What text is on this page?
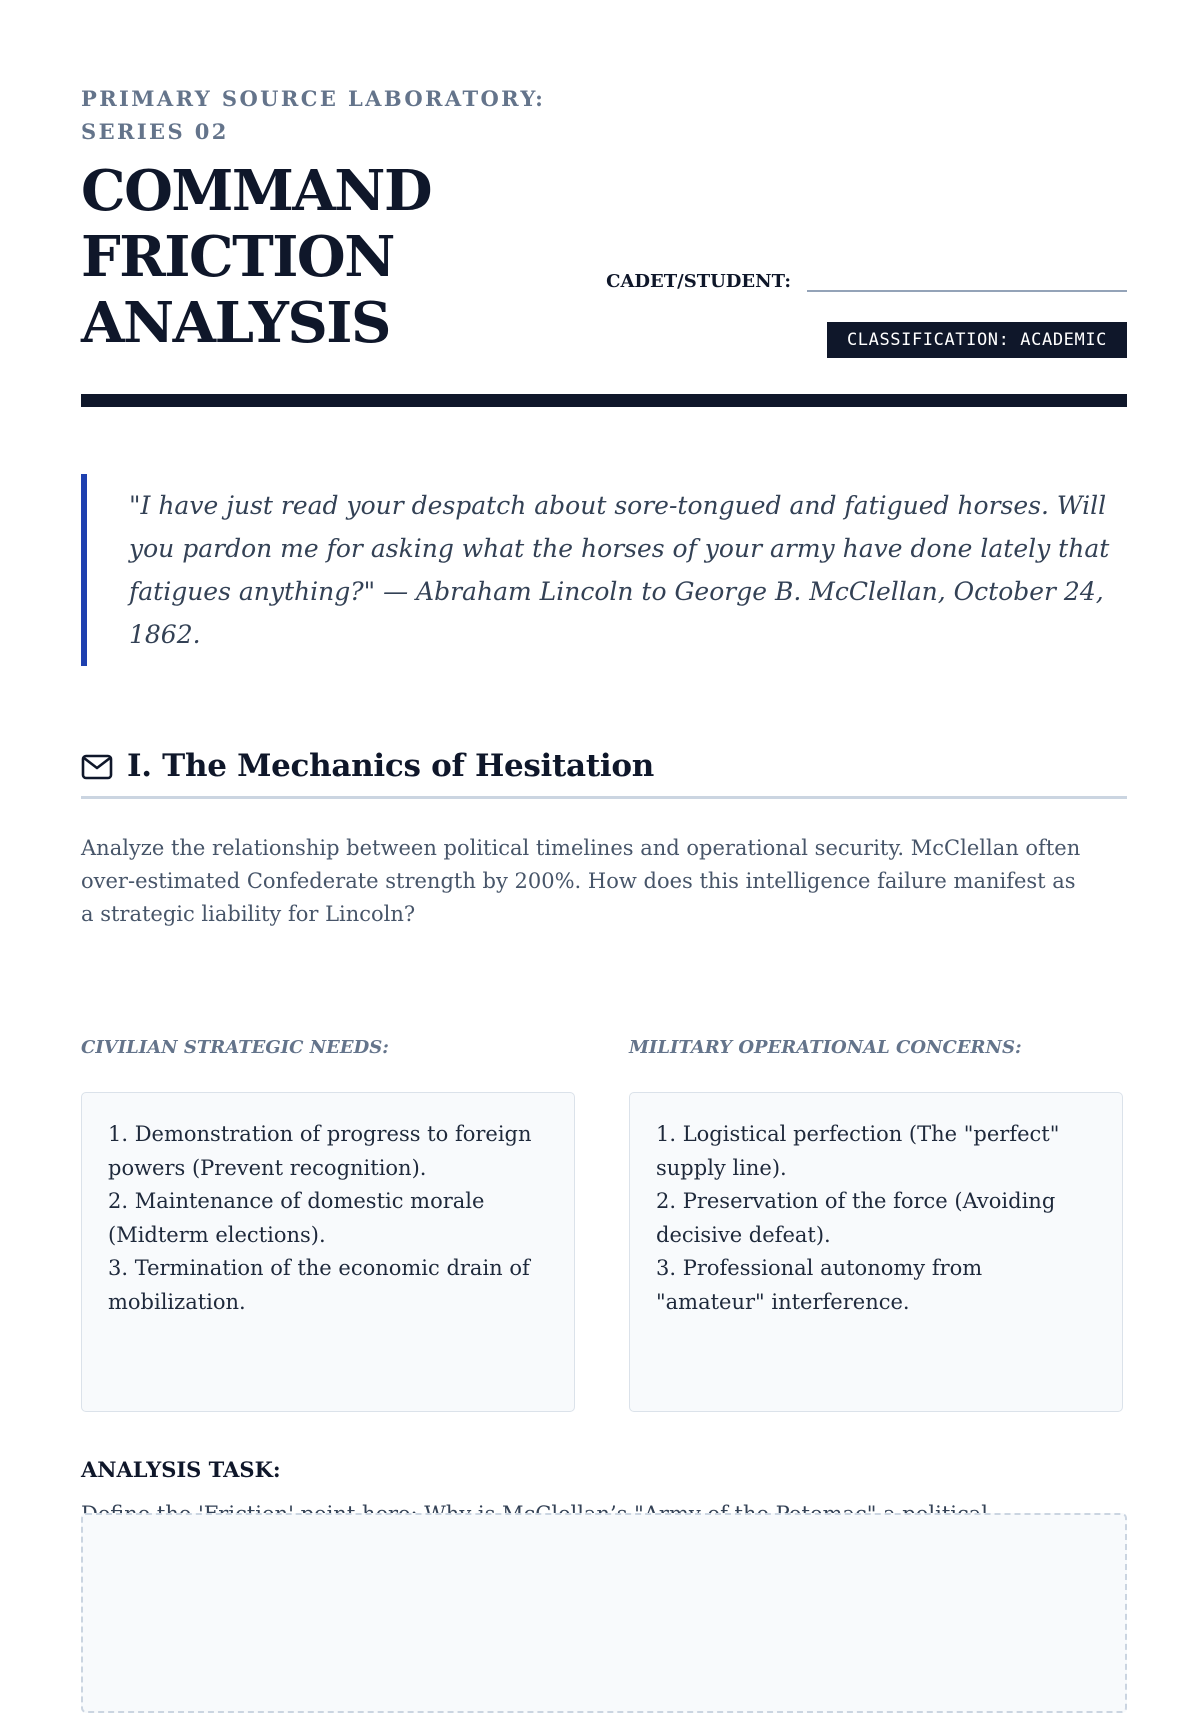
PRIMARY SOURCE LABORATORY: SERIES 02
COMMAND
FRICTION
ANALYSIS
CADET/STUDENT:
CLASSIFICATION: ACADEMIC
"I have just read your despatch about sore-tongued and fatigued horses. Will you pardon me for asking what the horses of your army have done lately that fatigues anything?" — Abraham Lincoln to George B. McClellan, October 24, 1862.
I. The Mechanics of Hesitation

Analyze the relationship between political timelines and operational security. McClellan often over-estimated Confederate strength by 200%. How does this intelligence failure manifest as a strategic liability for Lincoln?

CIVILIAN STRATEGIC NEEDS:	MILITARY OPERATIONAL CONCERNS:
1. Demonstration of progress to foreign powers (Prevent recognition).
2. Maintenance of domestic morale (Midterm elections).
3. Termination of the economic drain of mobilization.
1. Logistical perfection (The "perfect" supply line).
2. Preservation of the force (Avoiding decisive defeat).
3. Professional autonomy from "amateur" interference.
ANALYSIS TASK:
